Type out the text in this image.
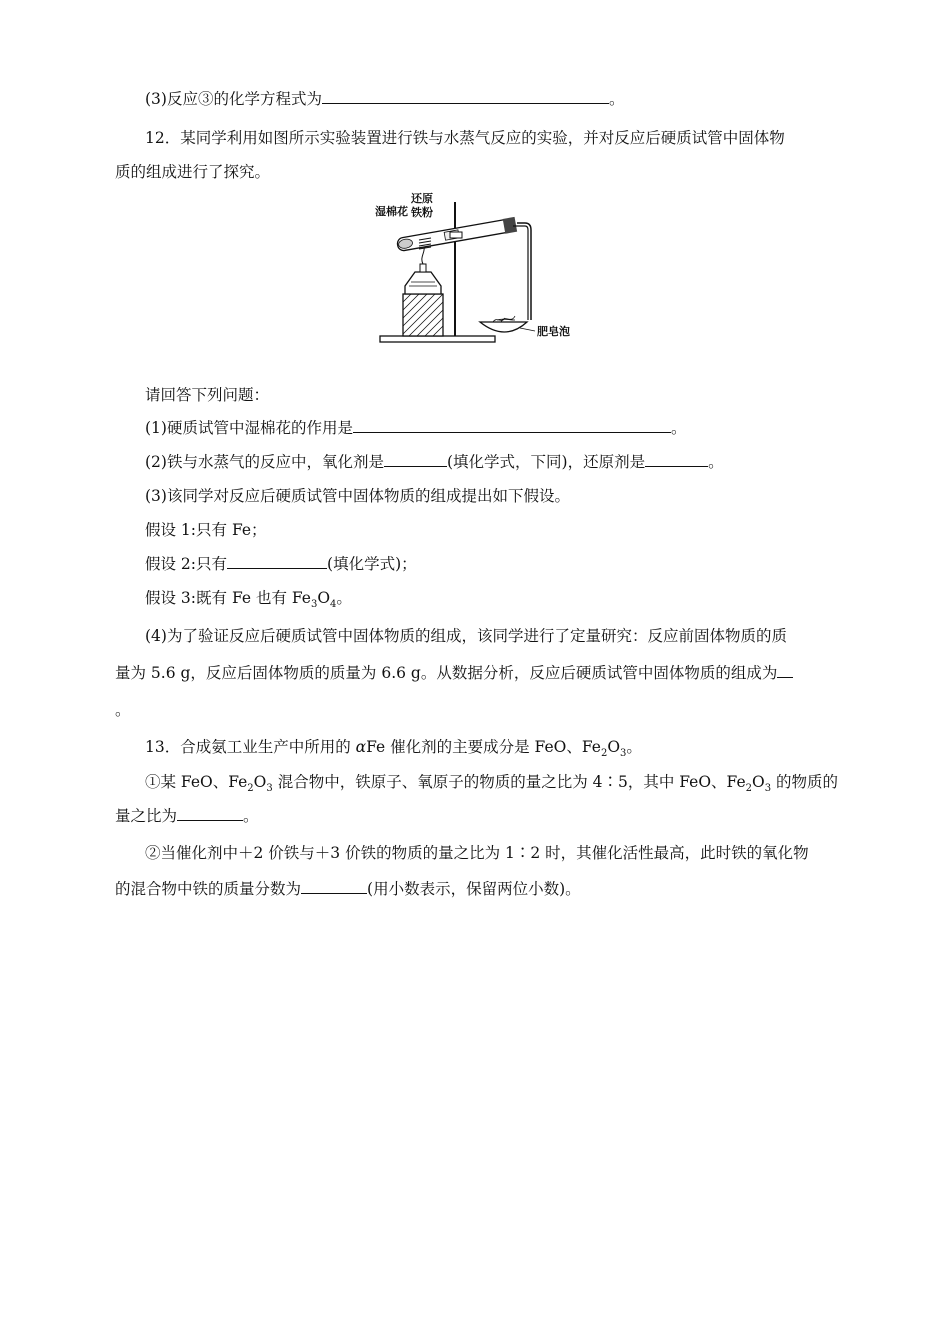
(3)反应③的化学方程式为	。
12．某同学利用如图所示实验装置进行铁与水蒸气反应的实验，并对反应后硬质试管中固体物
质的组成进行了探究。
湿棉花
还原
铁粉
肥皂泡
请回答下列问题：
(1)硬质试管中湿棉花的作用是	。
(2)铁与水蒸气的反应中，氧化剂是	(填化学式，下同)，还原剂是	。
(3)该同学对反应后硬质试管中固体物质的组成提出如下假设。
假设 1:只有 Fe；
假设 2:只有	(填化学式)；
假设 3:既有 Fe 也有 $Fe_3O_4$。
(4)为了验证反应后硬质试管中固体物质的组成，该同学进行了定量研究：反应前固体物质的质
量为 5.6 g，反应后固体物质的质量为 6.6 g。从数据分析，反应后硬质试管中固体物质的组成为
。
13．合成氨工业生产中所用的 αFe 催化剂的主要成分是 FeO、$Fe_2O_3$。
①某 FeO、$Fe_2O_3$ 混合物中，铁原子、氧原子的物质的量之比为 4∶5，其中 FeO、$Fe_2O_3$ 的物质的
量之比为	。
②当催化剂中＋2 价铁与＋3 价铁的物质的量之比为 1∶2 时，其催化活性最高，此时铁的氧化物
的混合物中铁的质量分数为	(用小数表示，保留两位小数)。
